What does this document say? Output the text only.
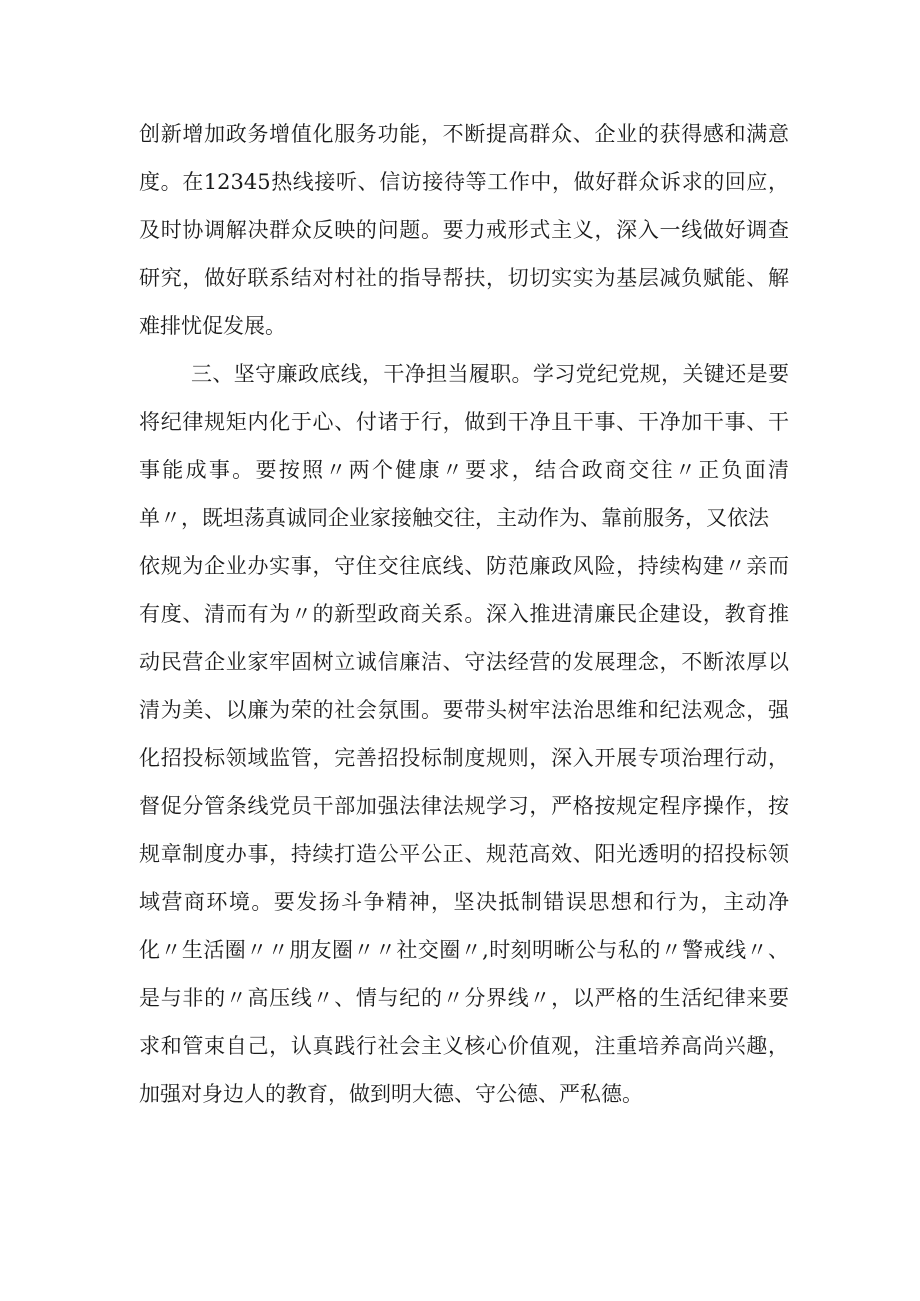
创新增加政务增值化服务功能，不断提高群众、企业的获得感和满意
度。在12345热线接听、信访接待等工作中，做好群众诉求的回应，
及时协调解决群众反映的问题。要力戒形式主义，深入一线做好调查
研究，做好联系结对村社的指导帮扶，切切实实为基层减负赋能、解
难排忧促发展。
三、坚守廉政底线，干净担当履职。学习党纪党规，关键还是要
将纪律规矩内化于心、付诸于行，做到干净且干事、干净加干事、干
事能成事。要按照〃两个健康〃要求，结合政商交往〃正负面清
单〃，既坦荡真诚同企业家接触交往，主动作为、靠前服务，又依法
依规为企业办实事，守住交往底线、防范廉政风险，持续构建〃亲而
有度、清而有为〃的新型政商关系。深入推进清廉民企建设，教育推
动民营企业家牢固树立诚信廉洁、守法经营的发展理念，不断浓厚以
清为美、以廉为荣的社会氛围。要带头树牢法治思维和纪法观念，强
化招投标领域监管，完善招投标制度规则，深入开展专项治理行动，
督促分管条线党员干部加强法律法规学习，严格按规定程序操作，按
规章制度办事，持续打造公平公正、规范高效、阳光透明的招投标领
域营商环境。要发扬斗争精神，坚决抵制错误思想和行为，主动净
化〃生活圈〃〃朋友圈〃〃社交圈〃,时刻明晰公与私的〃警戒线〃、
是与非的〃高压线〃、情与纪的〃分界线〃，以严格的生活纪律来要
求和管束自己，认真践行社会主义核心价值观，注重培养高尚兴趣，
加强对身边人的教育，做到明大德、守公德、严私德。
